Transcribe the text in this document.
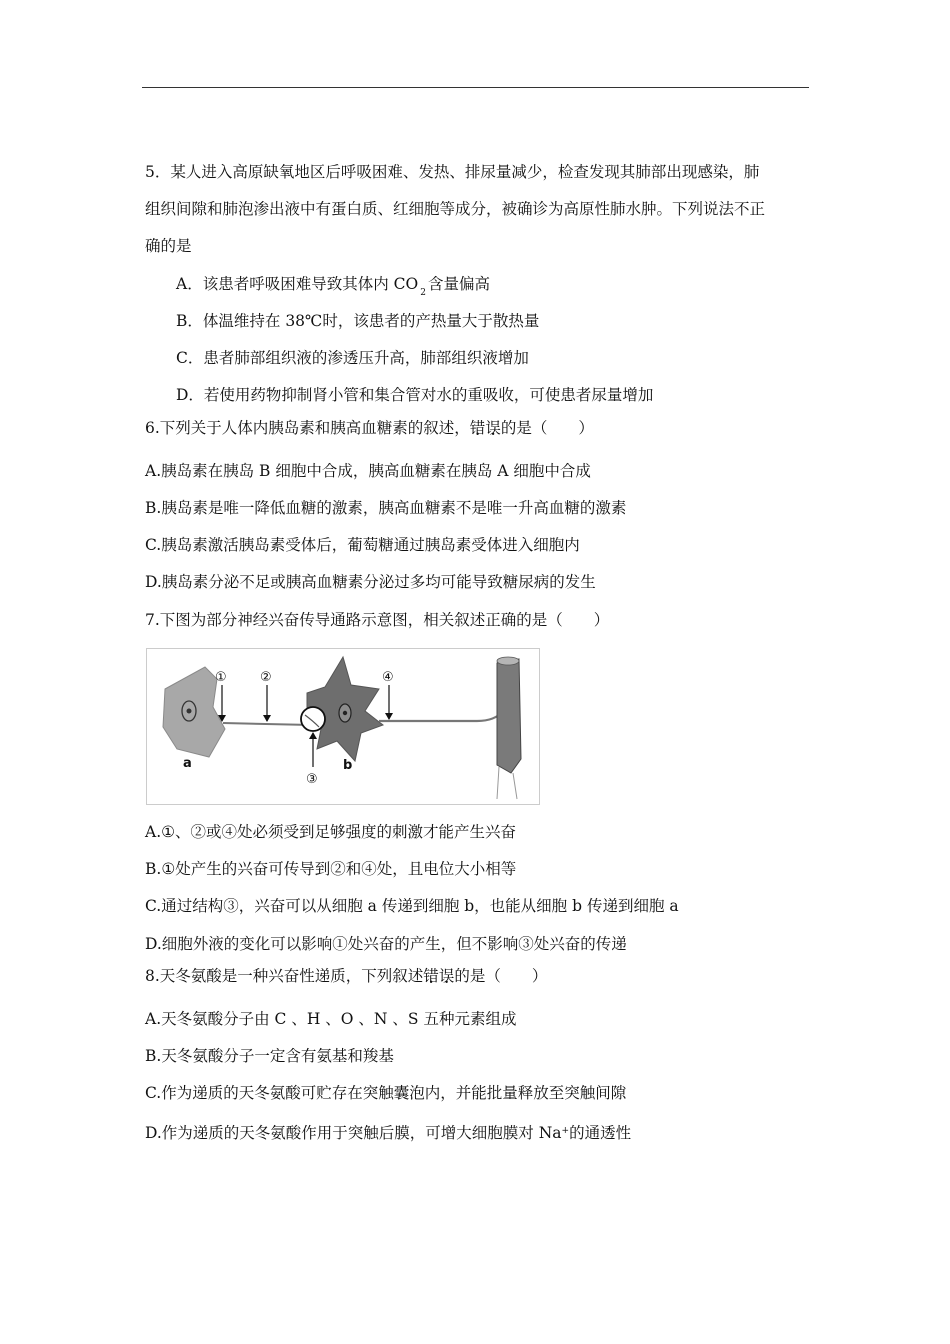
5．某人进入高原缺氧地区后呼吸困难、发热、排尿量减少，检查发现其肺部出现感染，肺
组织间隙和肺泡渗出液中有蛋白质、红细胞等成分，被确诊为高原性肺水肿。下列说法不正
确的是
A．该患者呼吸困难导致其体内 CO $_2$ 含量偏高
B．体温维持在 38℃时，该患者的产热量大于散热量
C．患者肺部组织液的渗透压升高，肺部组织液增加
D．若使用药物抑制肾小管和集合管对水的重吸收，可使患者尿量增加
6.下列关于人体内胰岛素和胰高血糖素的叙述，错误的是（　　）
A.胰岛素在胰岛 B 细胞中合成，胰高血糖素在胰岛 A 细胞中合成
B.胰岛素是唯一降低血糖的激素，胰高血糖素不是唯一升高血糖的激素
C.胰岛素激活胰岛素受体后，葡萄糖通过胰岛素受体进入细胞内
D.胰岛素分泌不足或胰高血糖素分泌过多均可能导致糖尿病的发生
7.下图为部分神经兴奋传导通路示意图，相关叙述正确的是（　　）
①	②
③
④
a	b
A.①、②或④处必须受到足够强度的刺激才能产生兴奋
B.①处产生的兴奋可传导到②和④处，且电位大小相等
C.通过结构③，兴奋可以从细胞 a 传递到细胞 b，也能从细胞 b 传递到细胞 a
D.细胞外液的变化可以影响①处兴奋的产生，但不影响③处兴奋的传递
8.天冬氨酸是一种兴奋性递质，下列叙述错误的是（　　）
A.天冬氨酸分子由 C 、H 、O 、N 、S 五种元素组成
B.天冬氨酸分子一定含有氨基和羧基
C.作为递质的天冬氨酸可贮存在突触囊泡内，并能批量释放至突触间隙
D.作为递质的天冬氨酸作用于突触后膜，可增大细胞膜对 Na+的通透性
